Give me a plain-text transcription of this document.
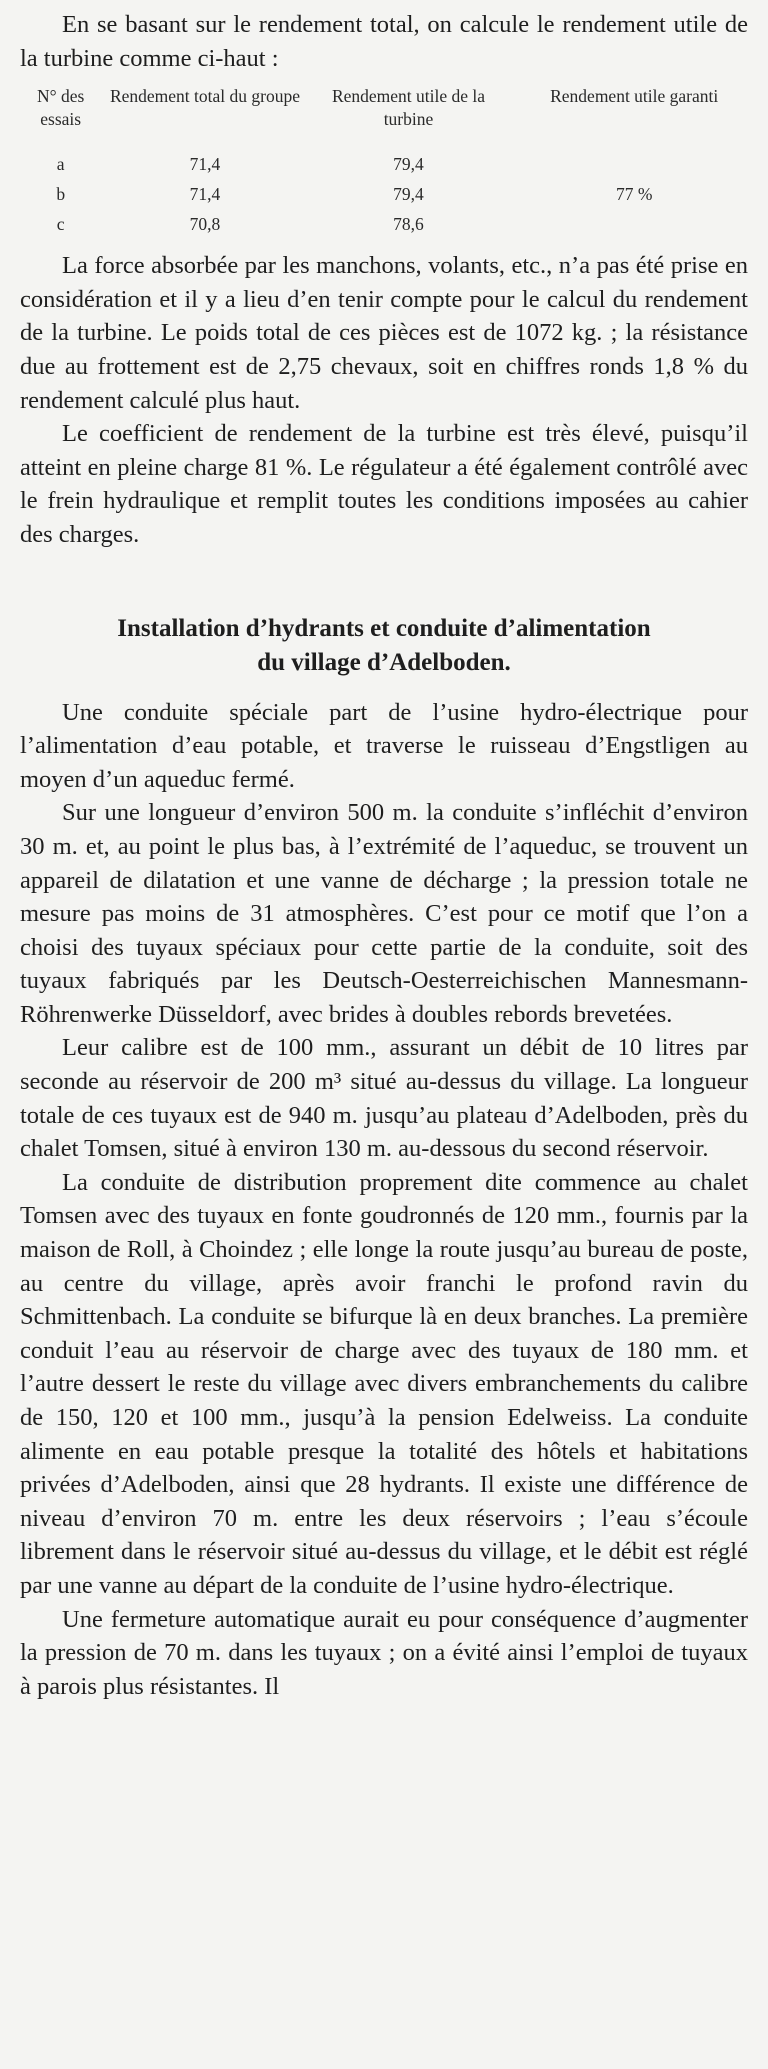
En se basant sur le rendement total, on calcule le rendement utile de la turbine comme ci-haut :

N° des essais	Rendement total du groupe	Rendement utile de la turbine	Rendement utile garanti
a	71,4	79,4	
b	71,4	79,4	77 %
c	70,8	78,6	

La force absorbée par les manchons, volants, etc., n’a pas été prise en considération et il y a lieu d’en tenir compte pour le calcul du rendement de la turbine. Le poids total de ces pièces est de 1072 kg. ; la résistance due au frottement est de 2,75 chevaux, soit en chiffres ronds 1,8 % du rendement calculé plus haut.

Le coefficient de rendement de la turbine est très élevé, puisqu’il atteint en pleine charge 81 %. Le régulateur a été également contrôlé avec le frein hydraulique et remplit toutes les conditions imposées au cahier des charges.

Installation d’hydrants et conduite d’alimentation
du village d’Adelboden.

Une conduite spéciale part de l’usine hydro-électrique pour l’alimentation d’eau potable, et traverse le ruisseau d’Engstligen au moyen d’un aqueduc fermé.

Sur une longueur d’environ 500 m. la conduite s’infléchit d’environ 30 m. et, au point le plus bas, à l’extrémité de l’aqueduc, se trouvent un appareil de dilatation et une vanne de décharge ; la pression totale ne mesure pas moins de 31 atmosphères. C’est pour ce motif que l’on a choisi des tuyaux spéciaux pour cette partie de la conduite, soit des tuyaux fabriqués par les Deutsch-Oesterreichischen Mannesmann-Röhrenwerke Düsseldorf, avec brides à doubles rebords brevetées.

Leur calibre est de 100 mm., assurant un débit de 10 litres par seconde au réservoir de 200 m³ situé au-dessus du village. La longueur totale de ces tuyaux est de 940 m. jusqu’au plateau d’Adelboden, près du chalet Tomsen, situé à environ 130 m. au-dessous du second réservoir.

La conduite de distribution proprement dite commence au chalet Tomsen avec des tuyaux en fonte goudronnés de 120 mm., fournis par la maison de Roll, à Choindez ; elle longe la route jusqu’au bureau de poste, au centre du village, après avoir franchi le profond ravin du Schmittenbach. La conduite se bifurque là en deux branches. La première conduit l’eau au réservoir de charge avec des tuyaux de 180 mm. et l’autre dessert le reste du village avec divers embranchements du calibre de 150, 120 et 100 mm., jusqu’à la pension Edelweiss. La conduite alimente en eau potable presque la totalité des hôtels et habitations privées d’Adelboden, ainsi que 28 hydrants. Il existe une différence de niveau d’environ 70 m. entre les deux réservoirs ; l’eau s’écoule librement dans le réservoir situé au-dessus du village, et le débit est réglé par une vanne au départ de la conduite de l’usine hydro-électrique.

Une fermeture automatique aurait eu pour conséquence d’augmenter la pression de 70 m. dans les tuyaux ; on a évité ainsi l’emploi de tuyaux à parois plus résistantes. Il
